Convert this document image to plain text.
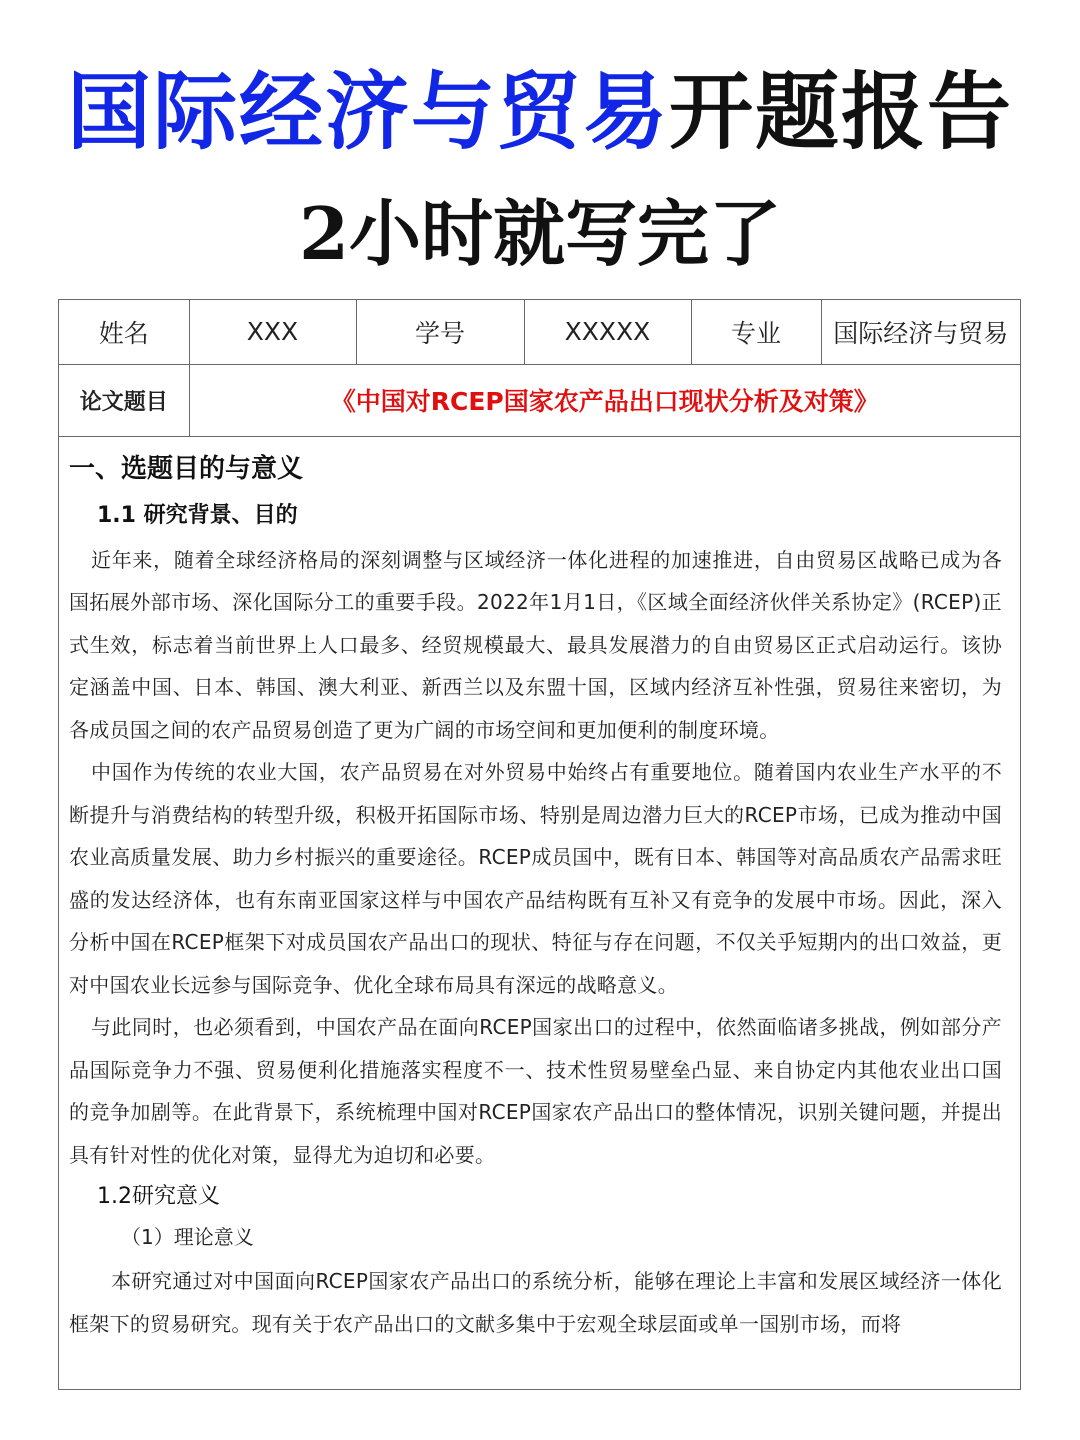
国际经济与贸易开题报告
2小时就写完了
姓名	XXX	学号	XXXXX	专业	国际经济与贸易
论文题目	《中国对RCEP国家农产品出口现状分析及对策》				
一、选题目的与意义
1.1 研究背景、目的

近年来，随着全球经济格局的深刻调整与区域经济一体化进程的加速推进，自由贸易区战略已成为各国拓展外部市场、深化国际分工的重要手段。2022年1月1日，《区域全面经济伙伴关系协定》(RCEP)正式生效，标志着当前世界上人口最多、经贸规模最大、最具发展潜力的自由贸易区正式启动运行。该协定涵盖中国、日本、韩国、澳大利亚、新西兰以及东盟十国，区域内经济互补性强，贸易往来密切，为各成员国之间的农产品贸易创造了更为广阔的市场空间和更加便利的制度环境。

中国作为传统的农业大国，农产品贸易在对外贸易中始终占有重要地位。随着国内农业生产水平的不断提升与消费结构的转型升级，积极开拓国际市场、特别是周边潜力巨大的RCEP市场，已成为推动中国农业高质量发展、助力乡村振兴的重要途径。RCEP成员国中，既有日本、韩国等对高品质农产品需求旺盛的发达经济体，也有东南亚国家这样与中国农产品结构既有互补又有竞争的发展中市场。因此，深入分析中国在RCEP框架下对成员国农产品出口的现状、特征与存在问题，不仅关乎短期内的出口效益，更对中国农业长远参与国际竞争、优化全球布局具有深远的战略意义。

与此同时，也必须看到，中国农产品在面向RCEP国家出口的过程中，依然面临诸多挑战，例如部分产品国际竞争力不强、贸易便利化措施落实程度不一、技术性贸易壁垒凸显、来自协定内其他农业出口国的竞争加剧等。在此背景下，系统梳理中国对RCEP国家农产品出口的整体情况，识别关键问题，并提出具有针对性的优化对策，显得尤为迫切和必要。

1.2研究意义
（1）理论意义

本研究通过对中国面向RCEP国家农产品出口的系统分析，能够在理论上丰富和发展区域经济一体化框架下的贸易研究。现有关于农产品出口的文献多集中于宏观全球层面或单一国别市场，而将
